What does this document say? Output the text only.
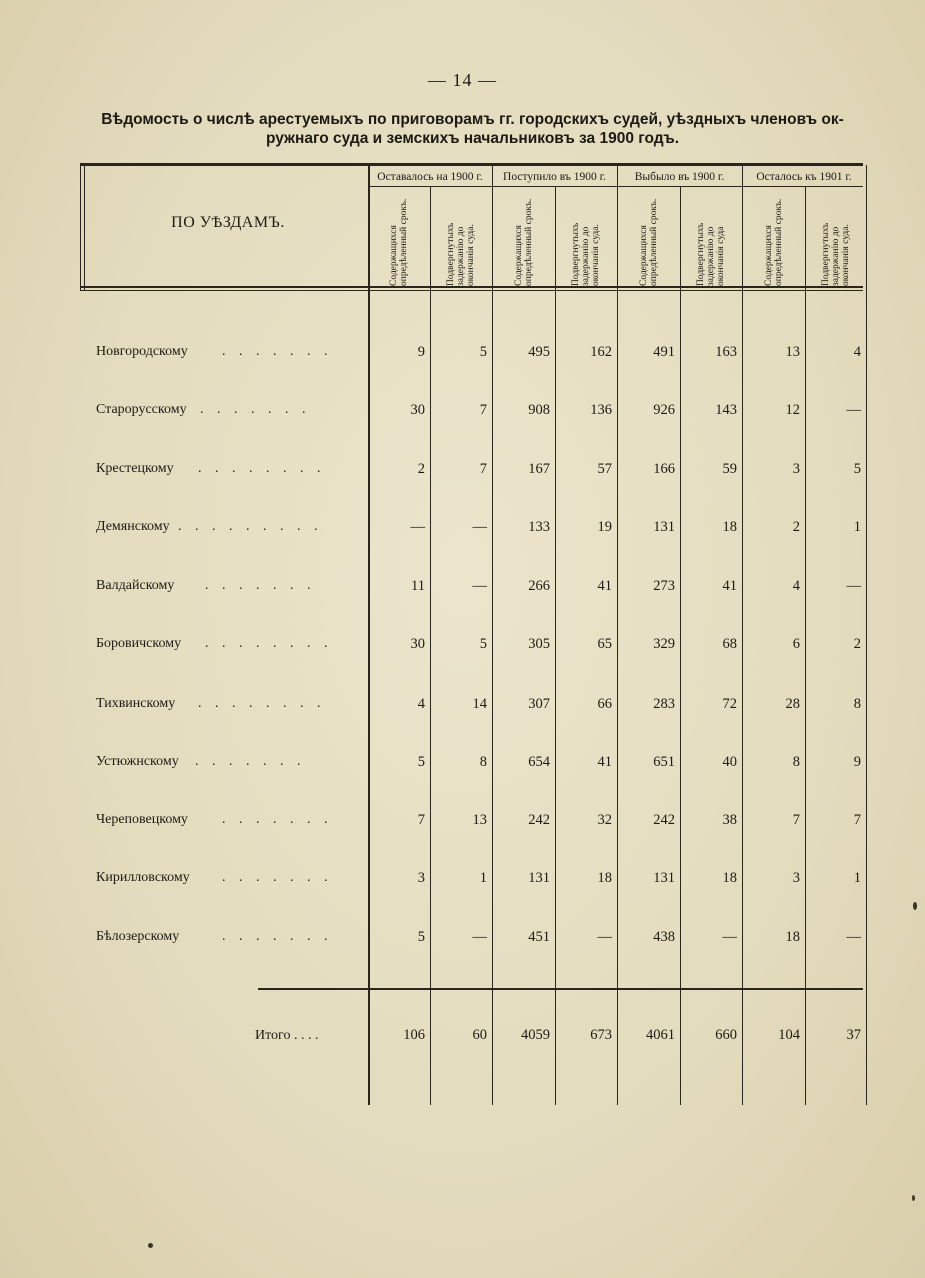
— 14 —
Вѣдомость о числѣ арестуемыхъ по приговорамъ гг. городскихъ судей, уѣздныхъ членовъ ок-
ружнаго суда и земскихъ начальниковъ за 1900 годъ.
ПО УѢЗДАМЪ.
Оставалось на 1900 г.	Поступило въ 1900 г.	Выбыло въ 1900 г.	Осталось къ 1901 г.
Содержащихся опредѣленный срокъ.	Подвергнутыхъ задержанію до окончанія суда.	Содержащихся опредѣленный срокъ.	Подвергнутыхъ задержанію до окончанія суда.	Содержащихся опредѣленный срокъ.	Подвергнутыхъ задержанію до окончанія суда	Содержащихся опредѣленный срокъ.	Подвергнутыхъ задержанію до окончанія суда.
Новгородскому . . . . . . .	9	5	495	162	491	163	13	4
Старорусскому . . . . . . .	30	7	908	136	926	143	12	—
Крестецкому . . . . . . . .	2	7	167	57	166	59	3	5
Демянскому . . . . . . . . .	—	—	133	19	131	18	2	1
Валдайскому . . . . . . .	11	—	266	41	273	41	4	—
Боровичскому . . . . . . . .	30	5	305	65	329	68	6	2
Тихвинскому . . . . . . . .	4	14	307	66	283	72	28	8
Устюжнскому . . . . . . .	5	8	654	41	651	40	8	9
Череповецкому . . . . . . .	7	13	242	32	242	38	7	7
Кирилловскому . . . . . . .	3	1	131	18	131	18	3	1
Бѣлозерскому	. . . . . . .	5	—	451	—	438	—	18	—
Итого . . . .	106	60	4059	673	4061	660	104	37
